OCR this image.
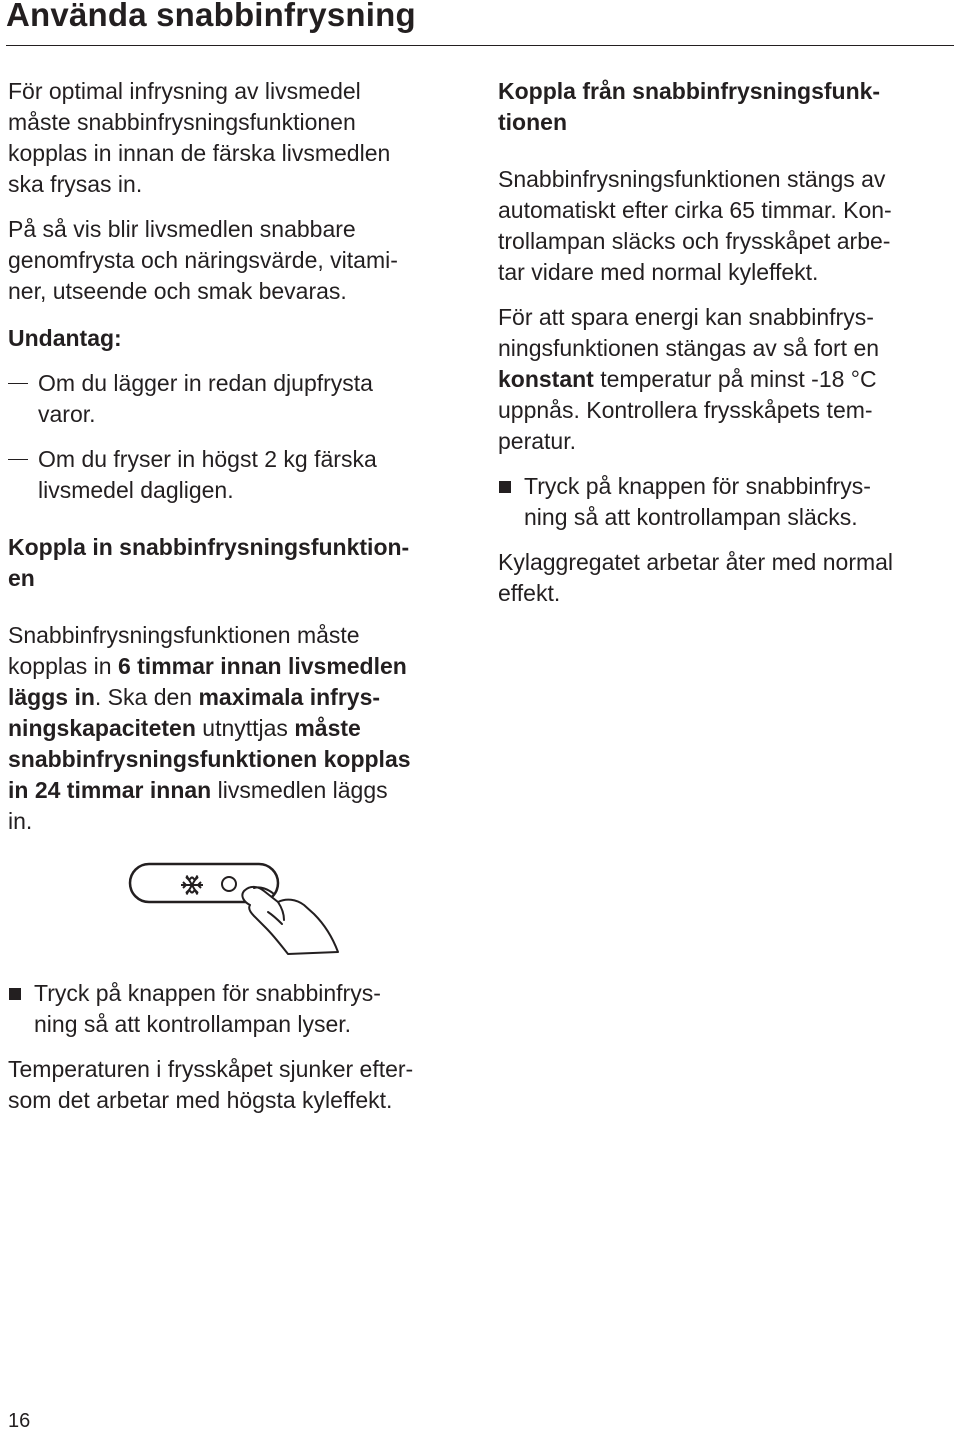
Använda snabbinfrysning

För optimal infrysning av livsmedel
måste snabbinfrysningsfunktionen
kopplas in innan de färska livsmedlen
ska frysas in.

På så vis blir livsmedlen snabbare
genomfrysta och näringsvärde, vitami-
ner, utseende och smak bevaras.

Undantag:

Om du lägger in redan djupfrysta
varor.

Om du fryser in högst 2 kg färska
livsmedel dagligen.

Koppla in snabbinfrysningsfunktion-
en

Snabbinfrysningsfunktionen måste
kopplas in 6 timmar innan livsmedlen
läggs in. Ska den maximala infrys-
ningskapaciteten utnyttjas måste
snabbinfrysningsfunktionen kopplas
in 24 timmar innan livsmedlen läggs
in.

Tryck på knappen för snabbinfrys-
ning så att kontrollampan lyser.

Temperaturen i frysskåpet sjunker efter-
som det arbetar med högsta kyleffekt.

Koppla från snabbinfrysningsfunk-
tionen

Snabbinfrysningsfunktionen stängs av
automatiskt efter cirka 65 timmar. Kon-
trollampan släcks och frysskåpet arbe-
tar vidare med normal kyleffekt.

För att spara energi kan snabbinfrys-
ningsfunktionen stängas av så fort en
konstant temperatur på minst -18 °C
uppnås. Kontrollera frysskåpets tem-
peratur.

Tryck på knappen för snabbinfrys-
ning så att kontrollampan släcks.

Kylaggregatet arbetar åter med normal
effekt.

16
